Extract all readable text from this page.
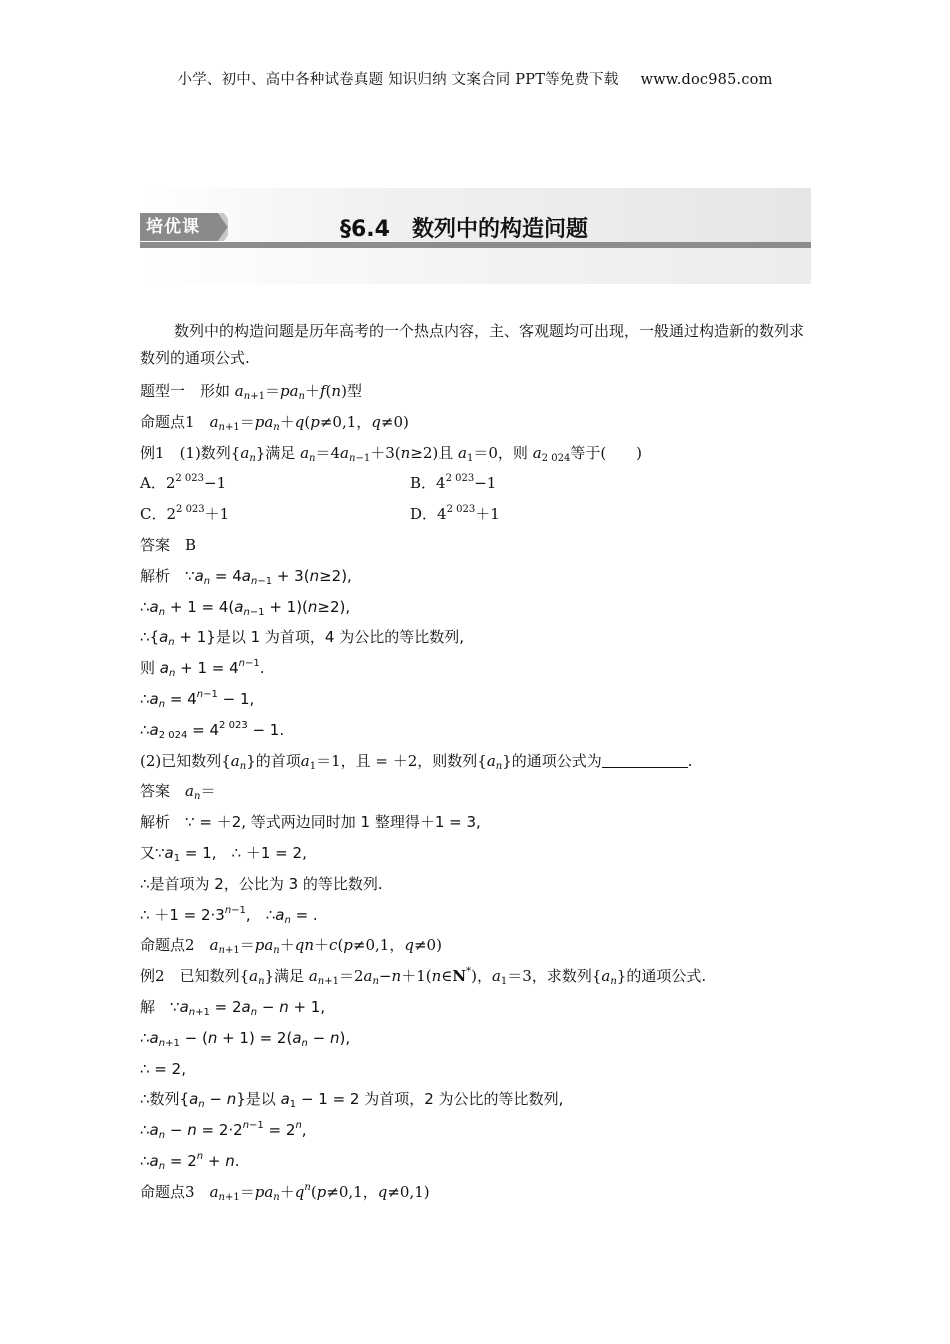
小学、初中、高中各种试卷真题 知识归纳 文案合同 PPT等免费下载 www.doc985.com
培优课	§6.4　数列中的构造问题
数列中的构造问题是历年高考的一个热点内容，主、客观题均可出现，一般通过构造新的数列求数列的通项公式.
题型一　形如 $a_{n+1}=pa_n+f(n)$型
命题点1　 $a_{n+1}=pa_n+q(p\ne 0,1$，q≠0)
例1　 (1)数列$\{a_n\}$满足 $a_n=4a_{n-1}+3(n\ge 2)$且 $a_1=0$，则 $a_{2 024}$等于(　　)
A．$2^{2 023}-1$	B．$4^{2 023}-1$
C．$2^{2 023}+1$	D．$4^{2 023}+1$
答案　 B
解析　 $\because a_n = 4a_{n-1} + 3(n\ge 2)$,
$\therefore a_n + 1 = 4(a_{n-1} + 1)(n\ge 2)$,
$\therefore\{a_n + 1\}$是以 1 为首项，4 为公比的等比数列,
则 $a_n + 1 = 4^{n-1}$.
$\therefore a_n = 4^{n-1} - 1$,
$\therefore a_{2 024} = 4^{2 023} - 1$.
(2)已知数列$\{a_n\}$的首项$a_1=1$，且 = ＋2，则数列$\{a_n\}$的通项公式为	.
答案　 $a_n=$
解析　 ∵ = ＋2, 等式两边同时加 1 整理得＋1 = 3,
又$\because a_1 = 1$,　∴ ＋1 = 2,
∴是首项为 2，公比为 3 的等比数列.
∴ $+1 = 2\cdot 3^{n-1}$,　$\therefore a_n$ = .
命题点2　 $a_{n+1}=pa_n+qn+c(p\ne 0,1$，q≠0)
例2　 已知数列$\{a_n\}$满足 $a_{n+1}=2a_n-n+1(n\in N^*)$，$a_1=3$，求数列$\{a_n\}$的通项公式.
解　 $\because a_{n+1} = 2a_n - n + 1$,
$\therefore a_{n+1} - (n + 1) = 2(a_n - n)$,
∴ = 2,
∴数列$\{a_n - n\}$是以 $a_1 - 1 = 2$ 为首项，2 为公比的等比数列,
$\therefore a_n - n = 2\cdot 2^{n-1} = 2^n$,
$\therefore a_n = 2^n + n$.
命题点3　 $a_{n+1}=pa_n+q^n(p\ne 0,1$，q≠0,1)
